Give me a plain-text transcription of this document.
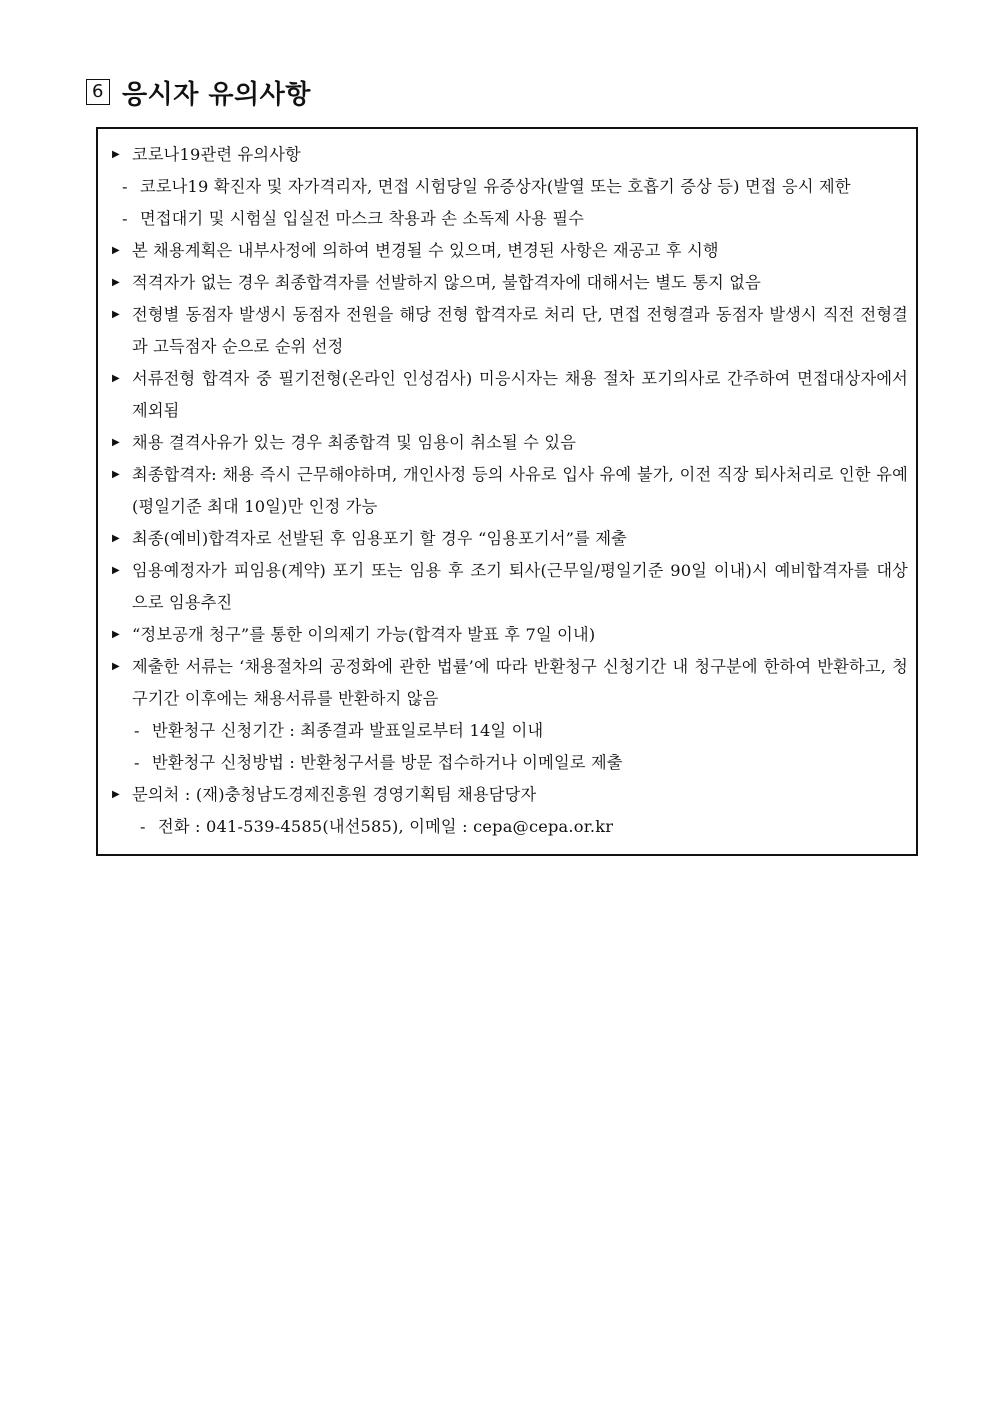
6 응시자 유의사항
▶ 코로나19관련 유의사항
- 코로나19 확진자 및 자가격리자, 면접 시험당일 유증상자(발열 또는 호흡기 증상 등) 면접 응시 제한
- 면접대기 및 시험실 입실전 마스크 착용과 손 소독제 사용 필수
▶ 본 채용계획은 내부사정에 의하여 변경될 수 있으며, 변경된 사항은 재공고 후 시행
▶ 적격자가 없는 경우 최종합격자를 선발하지 않으며, 불합격자에 대해서는 별도 통지 없음
▶ 전형별 동점자 발생시 동점자 전원을 해당 전형 합격자로 처리 단, 면접 전형결과 동점자 발생시 직전 전형결과 고득점자 순으로 순위 선정
▶ 서류전형 합격자 중 필기전형(온라인 인성검사) 미응시자는 채용 절차 포기의사로 간주하여 면접대상자에서 제외됨
▶ 채용 결격사유가 있는 경우 최종합격 및 임용이 취소될 수 있음
▶ 최종합격자: 채용 즉시 근무해야하며, 개인사정 등의 사유로 입사 유예 불가, 이전 직장 퇴사처리로 인한 유예(평일기준 최대 10일)만 인정 가능
▶ 최종(예비)합격자로 선발된 후 임용포기 할 경우 “임용포기서”를 제출
▶ 임용예정자가 피임용(계약) 포기 또는 임용 후 조기 퇴사(근무일/평일기준 90일 이내)시 예비합격자를 대상으로 임용추진
▶ “정보공개 청구”를 통한 이의제기 가능(합격자 발표 후 7일 이내)
▶ 제출한 서류는 ‘채용절차의 공정화에 관한 법률’에 따라 반환청구 신청기간 내 청구분에 한하여 반환하고, 청구기간 이후에는 채용서류를 반환하지 않음
- 반환청구 신청기간 : 최종결과 발표일로부터 14일 이내
- 반환청구 신청방법 : 반환청구서를 방문 접수하거나 이메일로 제출
▶ 문의처 : (재)충청남도경제진흥원 경영기획팀 채용담당자
- 전화 : 041-539-4585(내선585), 이메일 : cepa@cepa.or.kr
